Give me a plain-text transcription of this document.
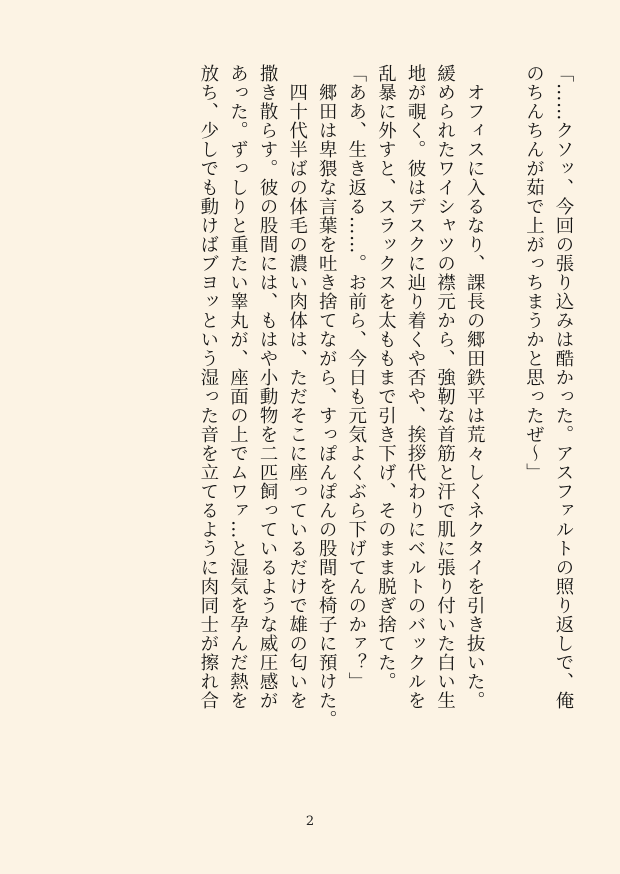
「……クソッ、今回の張り込みは酷かった。アスファルトの照り返しで、俺
のちんちんが茹で上がっちまうかと思ったぜ～」

　オフィスに入るなり、課長の郷田鉄平は荒々しくネクタイを引き抜いた。
緩められたワイシャツの襟元から、強靭な首筋と汗で肌に張り付いた白い生
地が覗く。彼はデスクに辿り着くや否や、挨拶代わりにベルトのバックルを
乱暴に外すと、スラックスを太ももまで引き下げ、そのまま脱ぎ捨てた。
「ああ、生き返る……。お前ら、今日も元気よくぶら下げてんのかァ？」
　郷田は卑猥な言葉を吐き捨てながら、すっぽんぽんの股間を椅子に預けた。
　四十代半ばの体毛の濃い肉体は、ただそこに座っているだけで雄の匂いを
撒き散らす。彼の股間には、もはや小動物を二匹飼っているような威圧感が
あった。ずっしりと重たい睾丸が、座面の上でムワァ…と湿気を孕んだ熱を
放ち、少しでも動けばブヨッという湿った音を立てるように肉同士が擦れ合
2
